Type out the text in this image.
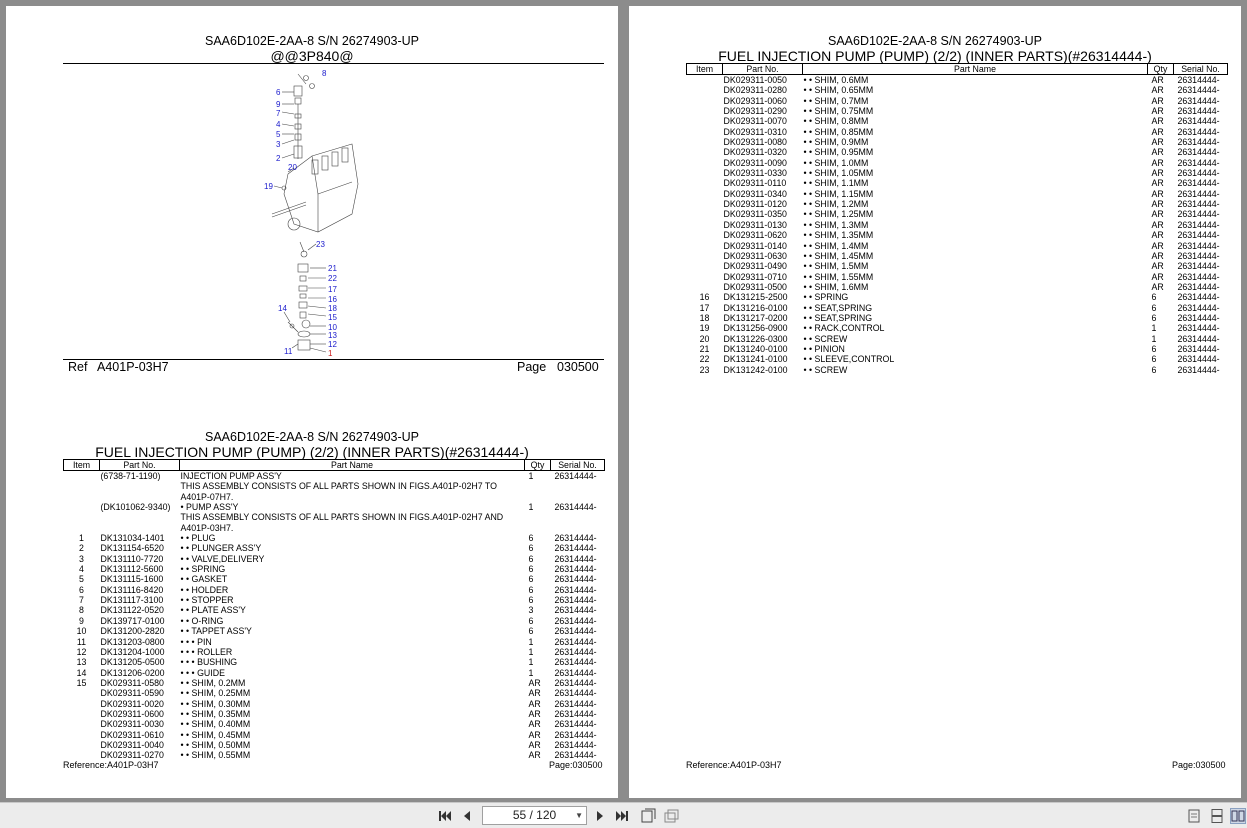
SAA6D102E-2AA-8 S/N 26274903-UP
@@3P840@
8
6
9
7
4
5
3
2
20
19
23
21
22
17
16
18
15
10
13
14
12
11	1
Ref A401P-03H7	Page 030500
SAA6D102E-2AA-8 S/N 26274903-UP
FUEL INJECTION PUMP (PUMP) (2/2) (INNER PARTS)(#26314444-)
Item	Part No.	Part Name	Qty	Serial No.
	(6738-71-1190)	INJECTION PUMP ASS'Y	1	26314444-
		THIS ASSEMBLY CONSISTS OF ALL PARTS SHOWN IN FIGS.A401P-02H7 TO A401P-07H7.		
	(DK101062-9340)	• PUMP ASS'Y	1	26314444-
		THIS ASSEMBLY CONSISTS OF ALL PARTS SHOWN IN FIGS.A401P-02H7 AND A401P-03H7.		
1	DK131034-1401	• • PLUG	6	26314444-
2	DK131154-6520	• • PLUNGER ASS'Y	6	26314444-
3	DK131110-7720	• • VALVE,DELIVERY	6	26314444-
4	DK131112-5600	• • SPRING	6	26314444-
5	DK131115-1600	• • GASKET	6	26314444-
6	DK131116-8420	• • HOLDER	6	26314444-
7	DK131117-3100	• • STOPPER	6	26314444-
8	DK131122-0520	• • PLATE ASS'Y	3	26314444-
9	DK139717-0100	• • O-RING	6	26314444-
10	DK131200-2820	• • TAPPET ASS'Y	6	26314444-
11	DK131203-0800	• • • PIN	1	26314444-
12	DK131204-1000	• • • ROLLER	1	26314444-
13	DK131205-0500	• • • BUSHING	1	26314444-
14	DK131206-0200	• • • GUIDE	1	26314444-
15	DK029311-0580	• • SHIM, 0.2MM	AR	26314444-
	DK029311-0590	• • SHIM, 0.25MM	AR	26314444-
	DK029311-0020	• • SHIM, 0.30MM	AR	26314444-
	DK029311-0600	• • SHIM, 0.35MM	AR	26314444-
	DK029311-0030	• • SHIM, 0.40MM	AR	26314444-
	DK029311-0610	• • SHIM, 0.45MM	AR	26314444-
	DK029311-0040	• • SHIM, 0.50MM	AR	26314444-
	DK029311-0270	• • SHIM, 0.55MM	AR	26314444-
Reference:A401P-03H7	Page:030500
SAA6D102E-2AA-8 S/N 26274903-UP
FUEL INJECTION PUMP (PUMP) (2/2) (INNER PARTS)(#26314444-)
Item	Part No.	Part Name	Qty	Serial No.
	DK029311-0050	• • SHIM, 0.6MM	AR	26314444-
	DK029311-0280	• • SHIM, 0.65MM	AR	26314444-
	DK029311-0060	• • SHIM, 0.7MM	AR	26314444-
	DK029311-0290	• • SHIM, 0.75MM	AR	26314444-
	DK029311-0070	• • SHIM, 0.8MM	AR	26314444-
	DK029311-0310	• • SHIM, 0.85MM	AR	26314444-
	DK029311-0080	• • SHIM, 0.9MM	AR	26314444-
	DK029311-0320	• • SHIM, 0.95MM	AR	26314444-
	DK029311-0090	• • SHIM, 1.0MM	AR	26314444-
	DK029311-0330	• • SHIM, 1.05MM	AR	26314444-
	DK029311-0110	• • SHIM, 1.1MM	AR	26314444-
	DK029311-0340	• • SHIM, 1.15MM	AR	26314444-
	DK029311-0120	• • SHIM, 1.2MM	AR	26314444-
	DK029311-0350	• • SHIM, 1.25MM	AR	26314444-
	DK029311-0130	• • SHIM, 1.3MM	AR	26314444-
	DK029311-0620	• • SHIM, 1.35MM	AR	26314444-
	DK029311-0140	• • SHIM, 1.4MM	AR	26314444-
	DK029311-0630	• • SHIM, 1.45MM	AR	26314444-
	DK029311-0490	• • SHIM, 1.5MM	AR	26314444-
	DK029311-0710	• • SHIM, 1.55MM	AR	26314444-
	DK029311-0500	• • SHIM, 1.6MM	AR	26314444-
16	DK131215-2500	• • SPRING	6	26314444-
17	DK131216-0100	• • SEAT,SPRING	6	26314444-
18	DK131217-0200	• • SEAT,SPRING	6	26314444-
19	DK131256-0900	• • RACK,CONTROL	1	26314444-
20	DK131226-0300	• • SCREW	1	26314444-
21	DK131240-0100	• • PINION	6	26314444-
22	DK131241-0100	• • SLEEVE,CONTROL	6	26314444-
23	DK131242-0100	• • SCREW	6	26314444-
Reference:A401P-03H7	Page:030500
55 / 120 ▼
